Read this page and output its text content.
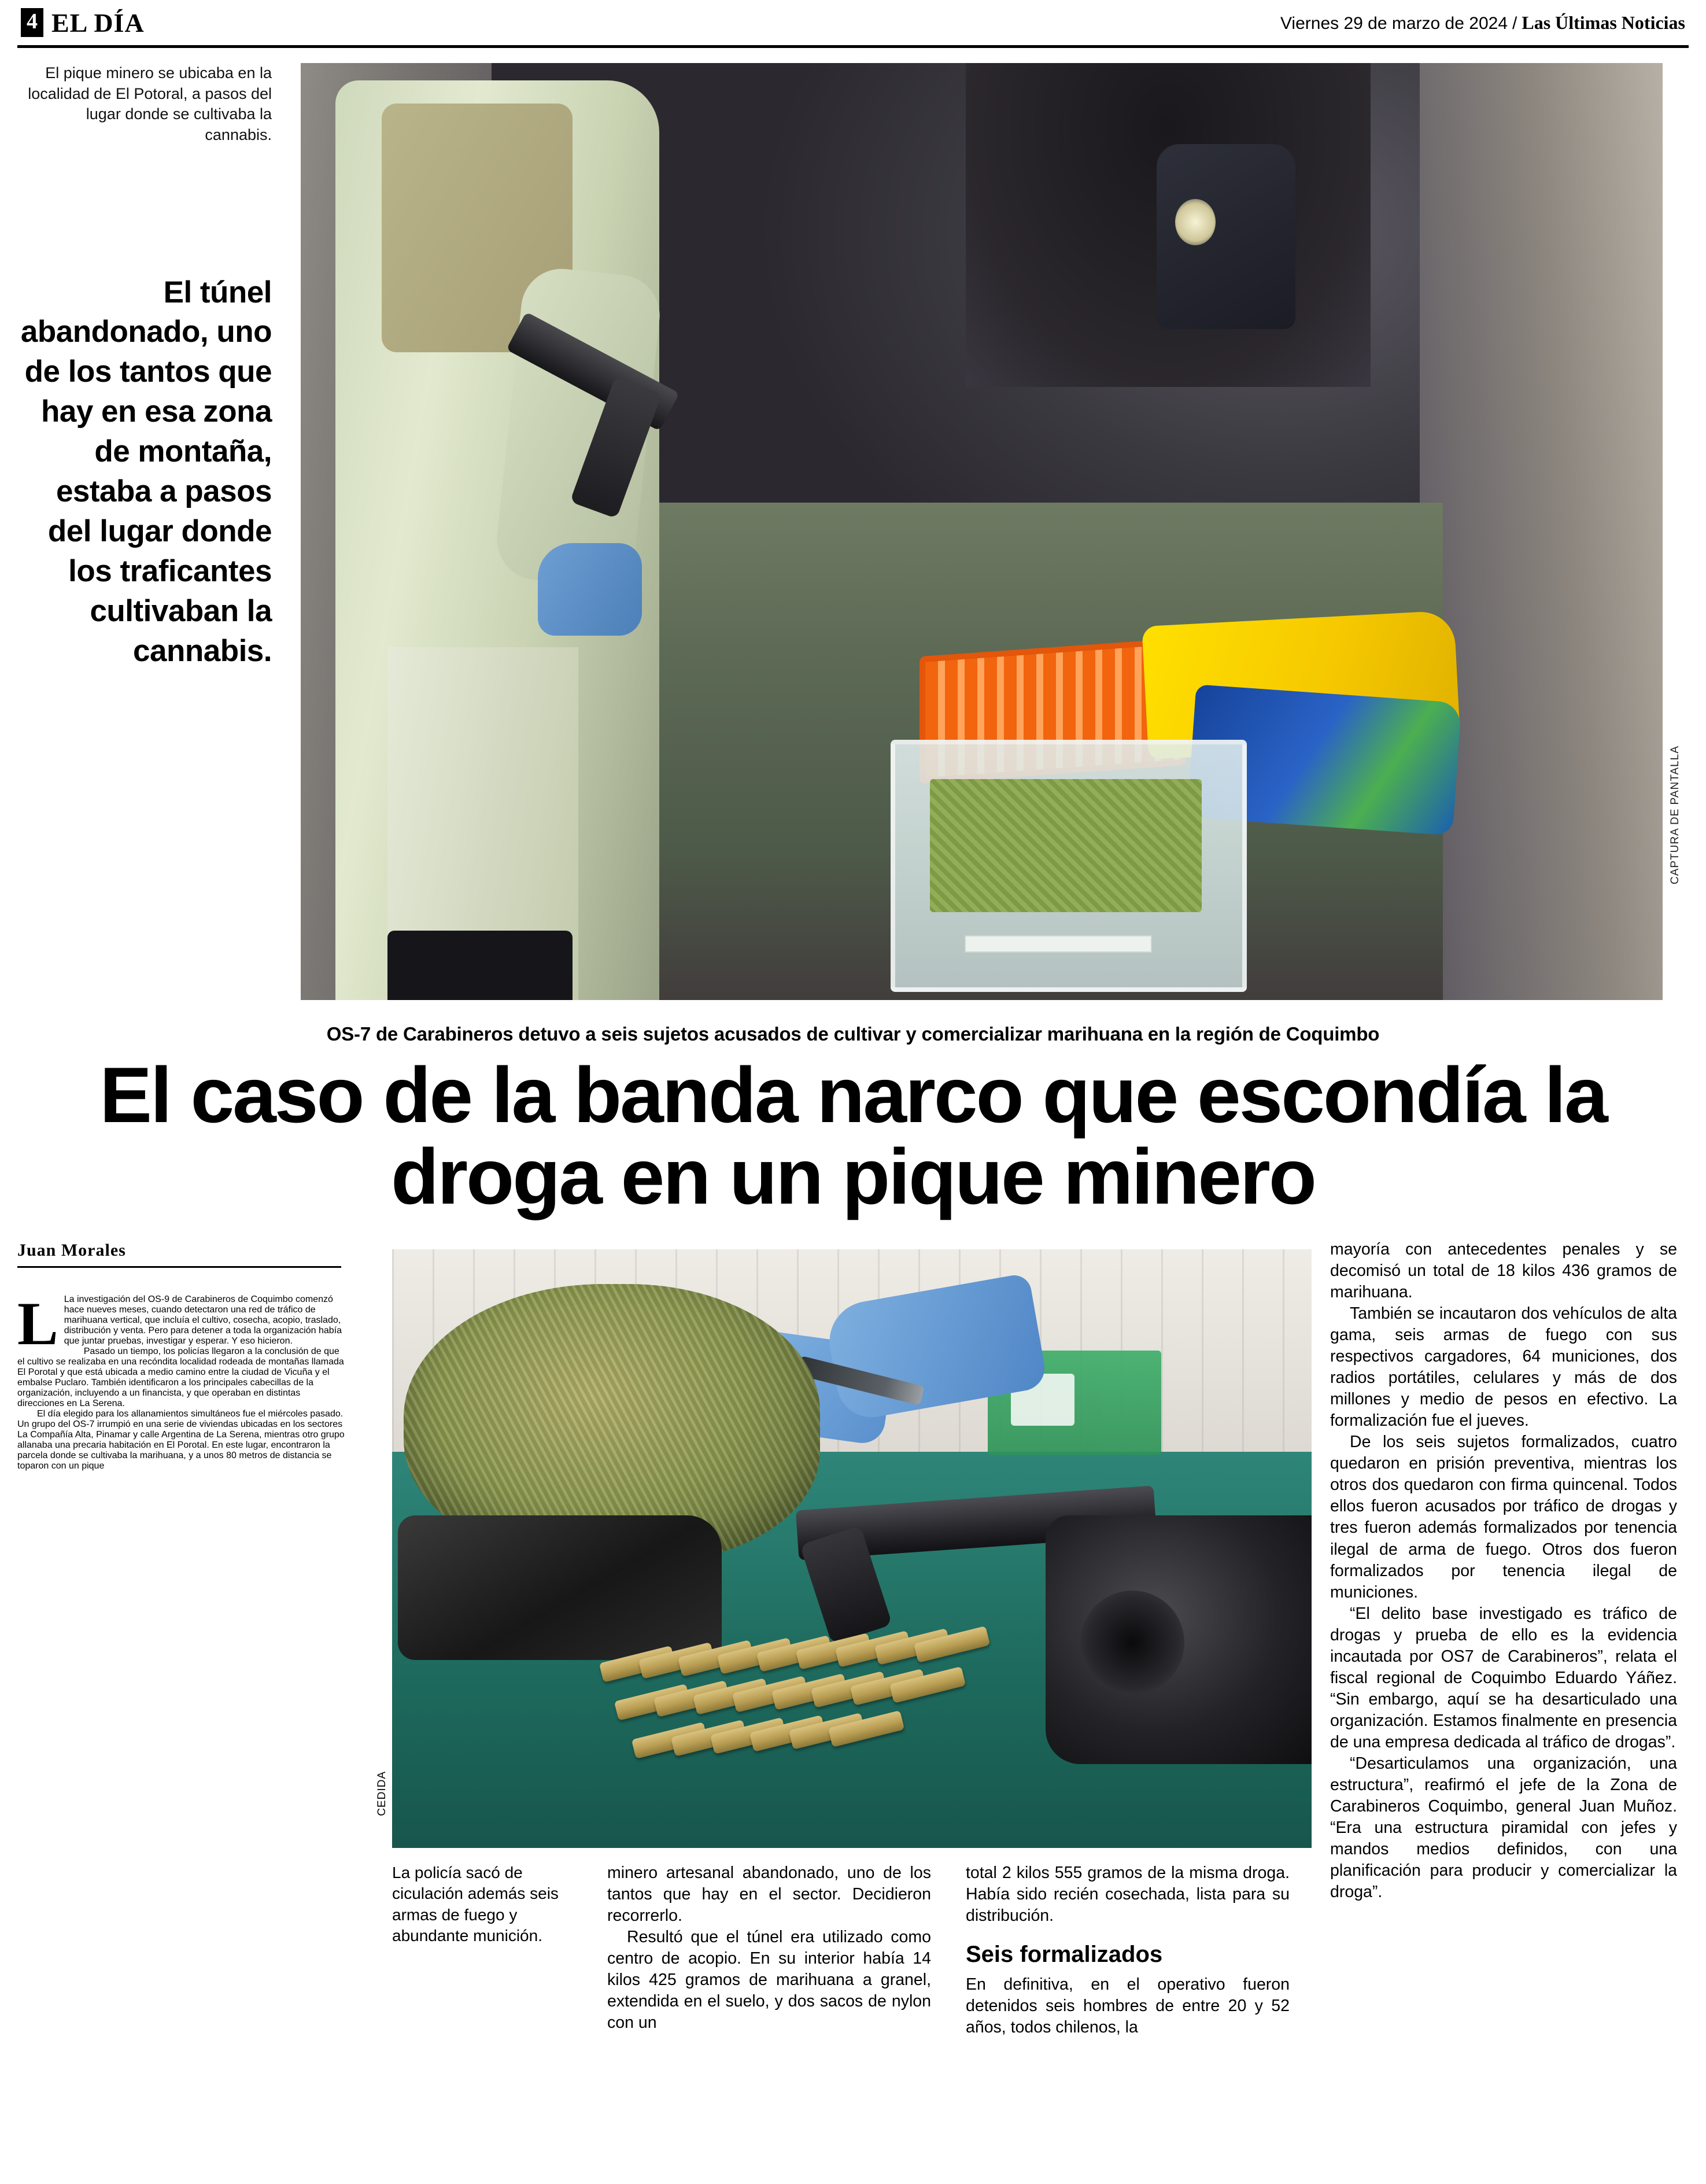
4 EL DÍA	Viernes 29 de marzo de 2024 / Las Últimas Noticias
El pique minero se ubicaba en la localidad de El Potoral, a pasos del lugar donde se cultivaba la cannabis.
El túnel abandonado, uno de los tantos que hay en esa zona de montaña, estaba a pasos del lugar donde los traficantes cultivaban la cannabis.
CAPTURA DE PANTALLA
OS-7 de Carabineros detuvo a seis sujetos acusados de cultivar y comercializar marihuana en la región de Coquimbo
El caso de la banda narco que escondía la droga en un pique minero
Juan Morales

L La investigación del OS-9 de Carabineros de Coquimbo comenzó hace nueves meses, cuando detectaron una red de tráfico de marihuana vertical, que incluía el cultivo, cosecha, acopio, traslado, distribución y venta. Pero para detener a toda la organización había que juntar pruebas, investigar y esperar. Y eso hicieron.

Pasado un tiempo, los policías llegaron a la conclusión de que el cultivo se realizaba en una recóndita localidad rodeada de montañas llamada El Porotal y que está ubicada a medio camino entre la ciudad de Vicuña y el embalse Puclaro. También identificaron a los principales cabecillas de la organización, incluyendo a un financista, y que operaban en distintas direcciones en La Serena.

El día elegido para los allanamientos simultáneos fue el miércoles pasado. Un grupo del OS-7 irrumpió en una serie de viviendas ubicadas en los sectores La Compañía Alta, Pinamar y calle Argentina de La Serena, mientras otro grupo allanaba una precaria habitación en El Porotal. En este lugar, encontraron la parcela donde se cultivaba la marihuana, y a unos 80 metros de distancia se toparon con un pique

CEDIDA
La policía sacó de ciculación además seis armas de fuego y abundante munición.

mayoría con antecedentes penales y se decomisó un total de 18 kilos 436 gramos de marihuana.

También se incautaron dos vehículos de alta gama, seis armas de fuego con sus respectivos cargadores, 64 municiones, dos radios portátiles, celulares y más de dos millones y medio de pesos en efectivo. La formalización fue el jueves.

De los seis sujetos formalizados, cuatro quedaron en prisión preventiva, mientras los otros dos quedaron con firma quincenal. Todos ellos fueron acusados por tráfico de drogas y tres fueron además formalizados por tenencia ilegal de arma de fuego. Otros dos fueron formalizados por tenencia ilegal de municiones.

“El delito base investigado es tráfico de drogas y prueba de ello es la evidencia incautada por OS7 de Carabineros”, relata el fiscal regional de Coquimbo Eduardo Yáñez. “Sin embargo, aquí se ha desarticulado una organización. Estamos finalmente en presencia de una empresa dedicada al tráfico de drogas”.

“Desarticulamos una organización, una estructura”, reafirmó el jefe de la Zona de Carabineros Coquimbo, general Juan Muñoz. “Era una estructura piramidal con jefes y mandos medios definidos, con una planificación para producir y comercializar la droga”.

minero artesanal abandonado, uno de los tantos que hay en el sector. Decidieron recorrerlo.

Resultó que el túnel era utilizado como centro de acopio. En su interior había 14 kilos 425 gramos de marihuana a granel, extendida en el suelo, y dos sacos de nylon con un

total 2 kilos 555 gramos de la misma droga. Había sido recién cosechada, lista para su distribución.

Seis formalizados

En definitiva, en el operativo fueron detenidos seis hombres de entre 20 y 52 años, todos chilenos, la
